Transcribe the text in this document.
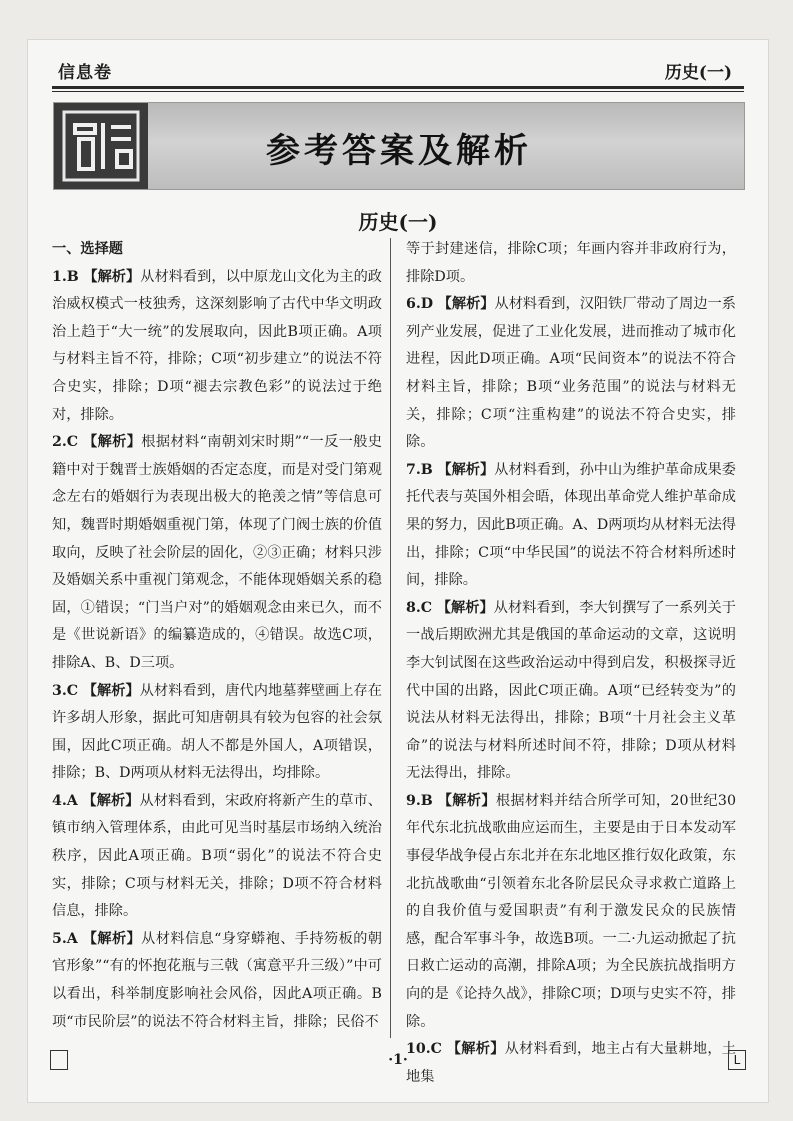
信息卷	历史(一)
参考答案及解析
历史(一)
一、选择题

1.B 【解析】从材料看到，以中原龙山文化为主的政治威权模式一枝独秀，这深刻影响了古代中华文明政治上趋于“大一统”的发展取向，因此B项正确。A项与材料主旨不符，排除；C项“初步建立”的说法不符合史实，排除；D项“褪去宗教色彩”的说法过于绝对，排除。

2.C 【解析】根据材料“南朝刘宋时期”“一反一般史籍中对于魏晋士族婚姻的否定态度，而是对受门第观念左右的婚姻行为表现出极大的艳羡之情”等信息可知，魏晋时期婚姻重视门第，体现了门阀士族的价值取向，反映了社会阶层的固化，②③正确；材料只涉及婚姻关系中重视门第观念，不能体现婚姻关系的稳固，①错误；“门当户对”的婚姻观念由来已久，而不是《世说新语》的编纂造成的，④错误。故选C项，排除A、B、D三项。

3.C 【解析】从材料看到，唐代内地墓葬壁画上存在许多胡人形象，据此可知唐朝具有较为包容的社会氛围，因此C项正确。胡人不都是外国人，A项错误，排除；B、D两项从材料无法得出，均排除。

4.A 【解析】从材料看到，宋政府将新产生的草市、镇市纳入管理体系，由此可见当时基层市场纳入统治秩序，因此A项正确。B项“弱化”的说法不符合史实，排除；C项与材料无关，排除；D项不符合材料信息，排除。

5.A 【解析】从材料信息“身穿蟒袍、手持笏板的朝官形象”“有的怀抱花瓶与三戟（寓意平升三级）”中可以看出，科举制度影响社会风俗，因此A项正确。B项“市民阶层”的说法不符合材料主旨，排除；民俗不

等于封建迷信，排除C项；年画内容并非政府行为，排除D项。

6.D 【解析】从材料看到，汉阳铁厂带动了周边一系列产业发展，促进了工业化发展，进而推动了城市化进程，因此D项正确。A项“民间资本”的说法不符合材料主旨，排除；B项“业务范围”的说法与材料无关，排除；C项“注重构建”的说法不符合史实，排除。

7.B 【解析】从材料看到，孙中山为维护革命成果委托代表与英国外相会晤，体现出革命党人维护革命成果的努力，因此B项正确。A、D两项均从材料无法得出，排除；C项“中华民国”的说法不符合材料所述时间，排除。

8.C 【解析】从材料看到，李大钊撰写了一系列关于一战后期欧洲尤其是俄国的革命运动的文章，这说明李大钊试图在这些政治运动中得到启发，积极探寻近代中国的出路，因此C项正确。A项“已经转变为”的说法从材料无法得出，排除；B项“十月社会主义革命”的说法与材料所述时间不符，排除；D项从材料无法得出，排除。

9.B 【解析】根据材料并结合所学可知，20世纪30年代东北抗战歌曲应运而生，主要是由于日本发动军事侵华战争侵占东北并在东北地区推行奴化政策，东北抗战歌曲“引领着东北各阶层民众寻求救亡道路上的自我价值与爱国职责”有利于激发民众的民族情感，配合军事斗争，故选B项。一二·九运动掀起了抗日救亡运动的高潮，排除A项；为全民族抗战指明方向的是《论持久战》，排除C项；D项与史实不符，排除。

10.C 【解析】从材料看到，地主占有大量耕地，土地集

·1·	L
